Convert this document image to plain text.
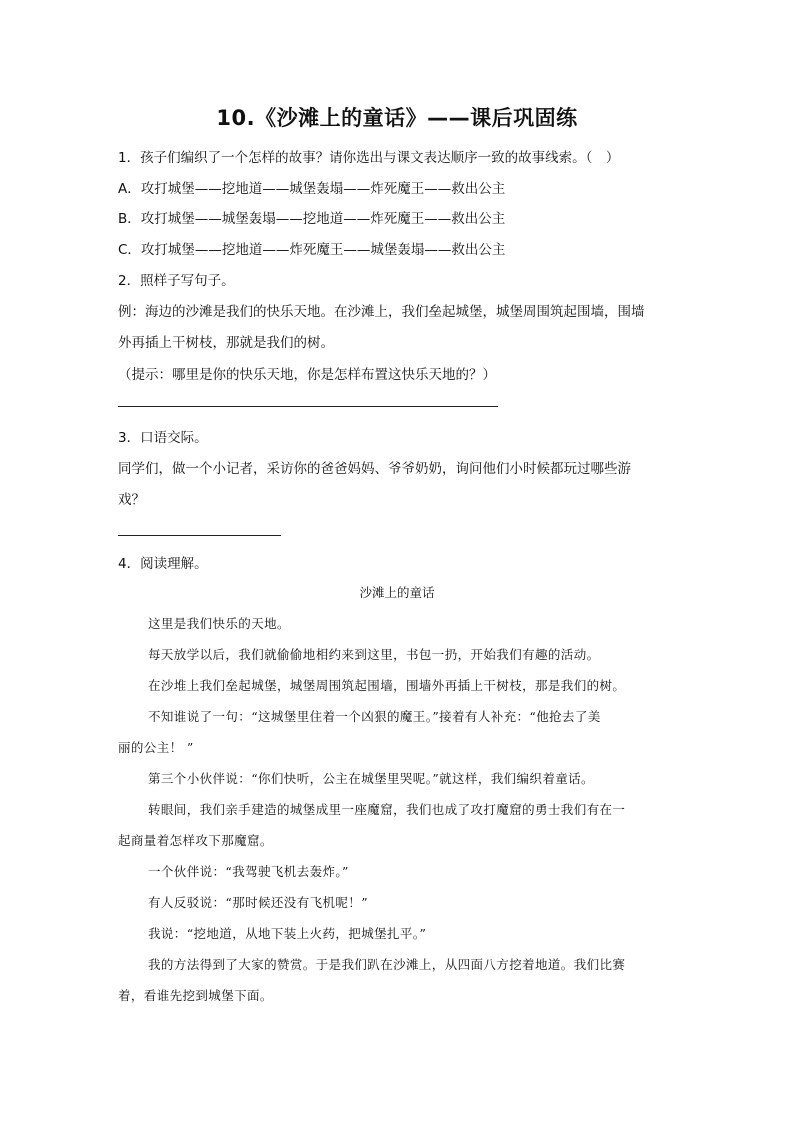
10.《沙滩上的童话》——课后巩固练
1．孩子们编织了一个怎样的故事？请你选出与课文表达顺序一致的故事线索。（　）
A．攻打城堡——挖地道——城堡轰塌——炸死魔王——救出公主
B．攻打城堡——城堡轰塌——挖地道——炸死魔王——救出公主
C．攻打城堡——挖地道——炸死魔王——城堡轰塌——救出公主
2．照样子写句子。
例：海边的沙滩是我们的快乐天地。在沙滩上，我们垒起城堡，城堡周围筑起围墙，围墙
外再插上干树枝，那就是我们的树。
（提示：哪里是你的快乐天地，你是怎样布置这快乐天地的？）
3．口语交际。
同学们，做一个小记者，采访你的爸爸妈妈、爷爷奶奶，询问他们小时候都玩过哪些游
戏？
4．阅读理解。
沙滩上的童话
这里是我们快乐的天地。
每天放学以后，我们就偷偷地相约来到这里，书包一扔，开始我们有趣的活动。
在沙堆上我们垒起城堡，城堡周围筑起围墙，围墙外再插上干树枝，那是我们的树。
不知谁说了一句：“这城堡里住着一个凶狠的魔王。”接着有人补充：“他抢去了美
丽的公主！ ”
第三个小伙伴说：“你们快听，公主在城堡里哭呢。”就这样，我们编织着童话。
转眼间，我们亲手建造的城堡成里一座魔窟，我们也成了攻打魔窟的勇士我们有在一
起商量着怎样攻下那魔窟。
一个伙伴说：“我驾驶飞机去轰炸。”
有人反驳说：“那时候还没有飞机呢！”
我说：“挖地道，从地下装上火药，把城堡扎平。”
我的方法得到了大家的赞赏。于是我们趴在沙滩上，从四面八方挖着地道。我们比赛
着，看谁先挖到城堡下面。
